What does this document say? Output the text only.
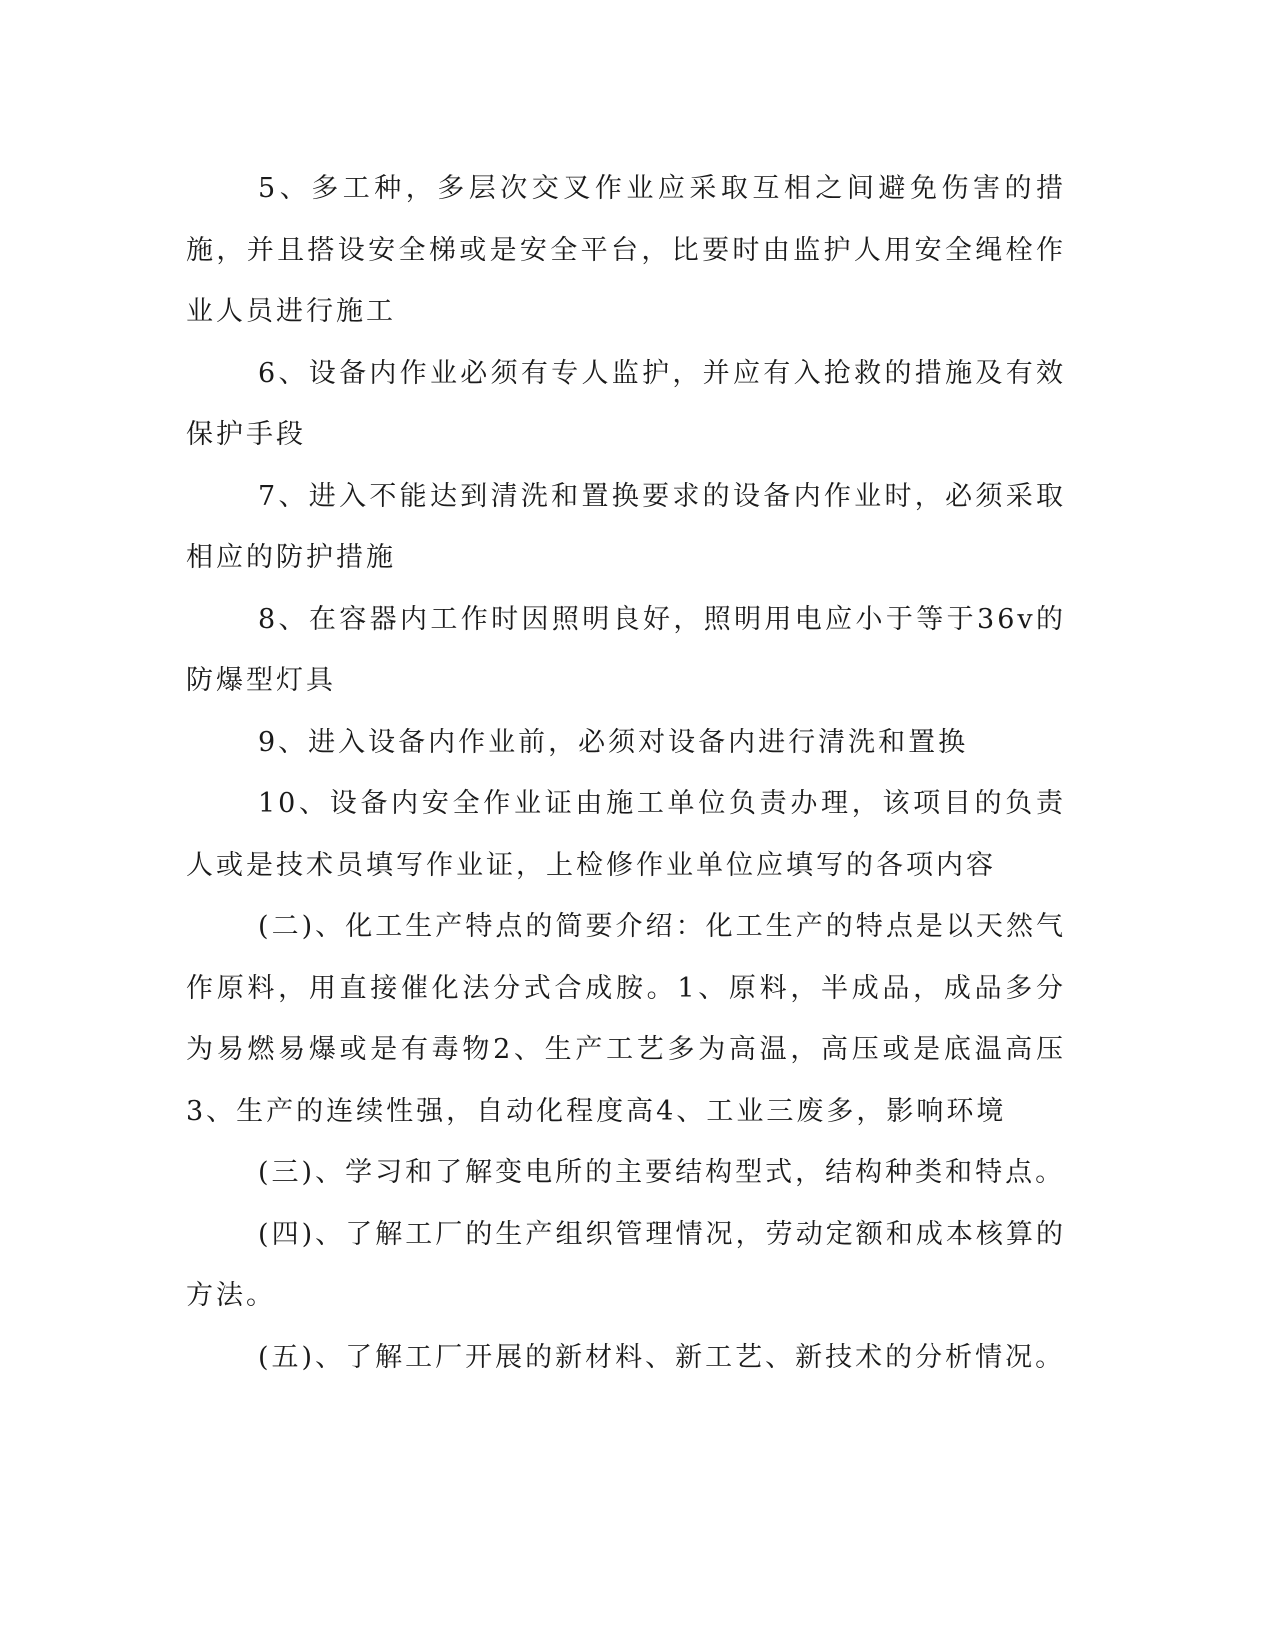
5、多工种，多层次交叉作业应采取互相之间避免伤害的措施，并且搭设安全梯或是安全平台，比要时由监护人用安全绳栓作业人员进行施工

6、设备内作业必须有专人监护，并应有入抢救的措施及有效保护手段

7、进入不能达到清洗和置换要求的设备内作业时，必须采取相应的防护措施

8、在容器内工作时因照明良好，照明用电应小于等于36v的防爆型灯具

9、进入设备内作业前，必须对设备内进行清洗和置换

10、设备内安全作业证由施工单位负责办理，该项目的负责人或是技术员填写作业证，上检修作业单位应填写的各项内容

(二)、化工生产特点的简要介绍：化工生产的特点是以天然气作原料，用直接催化法分式合成胺。1、原料，半成品，成品多分为易燃易爆或是有毒物2、生产工艺多为高温，高压或是底温高压3、生产的连续性强，自动化程度高4、工业三废多，影响环境

(三)、学习和了解变电所的主要结构型式，结构种类和特点。

(四)、了解工厂的生产组织管理情况，劳动定额和成本核算的方法。

(五)、了解工厂开展的新材料、新工艺、新技术的分析情况。
